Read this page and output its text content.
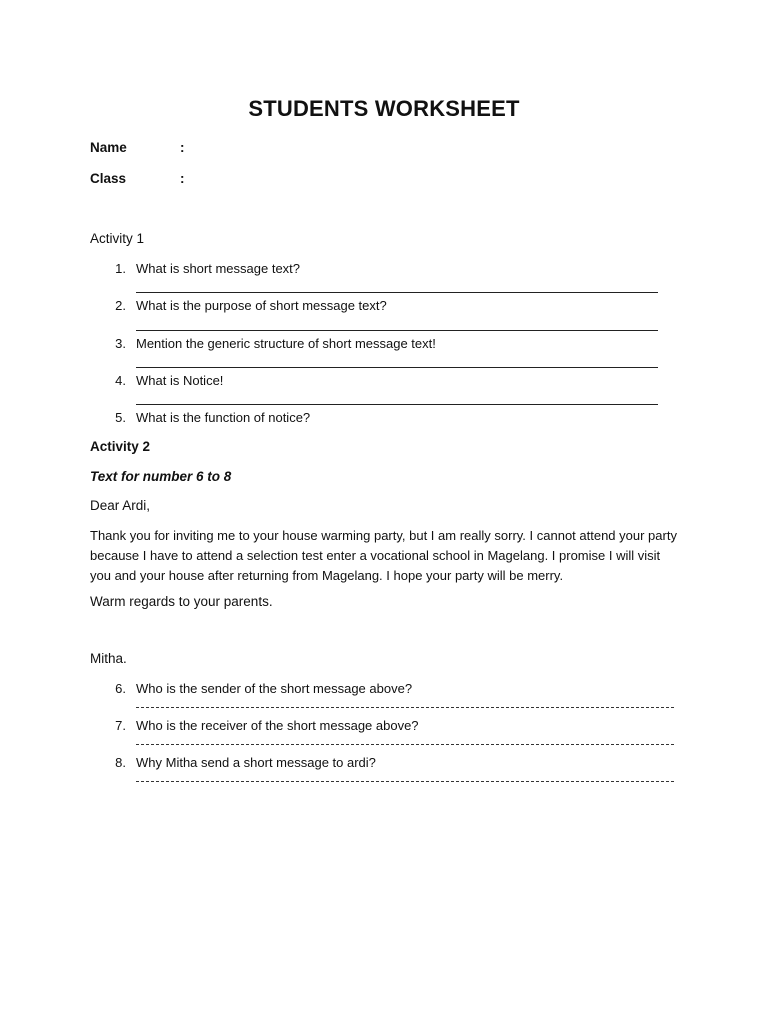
STUDENTS WORKSHEET
Name	:
Class	:
Activity 1
1. What is short message text?
2. What is the purpose of short message text?
3. Mention the generic structure of short message text!
4. What is Notice!
5. What is the function of notice?
Activity 2
Text for number 6 to 8
Dear Ardi,
Thank you for inviting me to your house warming party, but I am really sorry. I cannot attend your party because I have to attend a selection test enter a vocational school in Magelang. I promise I will visit you and your house after returning from Magelang. I hope your party will be merry.
Warm regards to your parents.
Mitha.
6. Who is the sender of the short message above?
7. Who is the receiver of the short message above?
8. Why Mitha send a short message to ardi?
